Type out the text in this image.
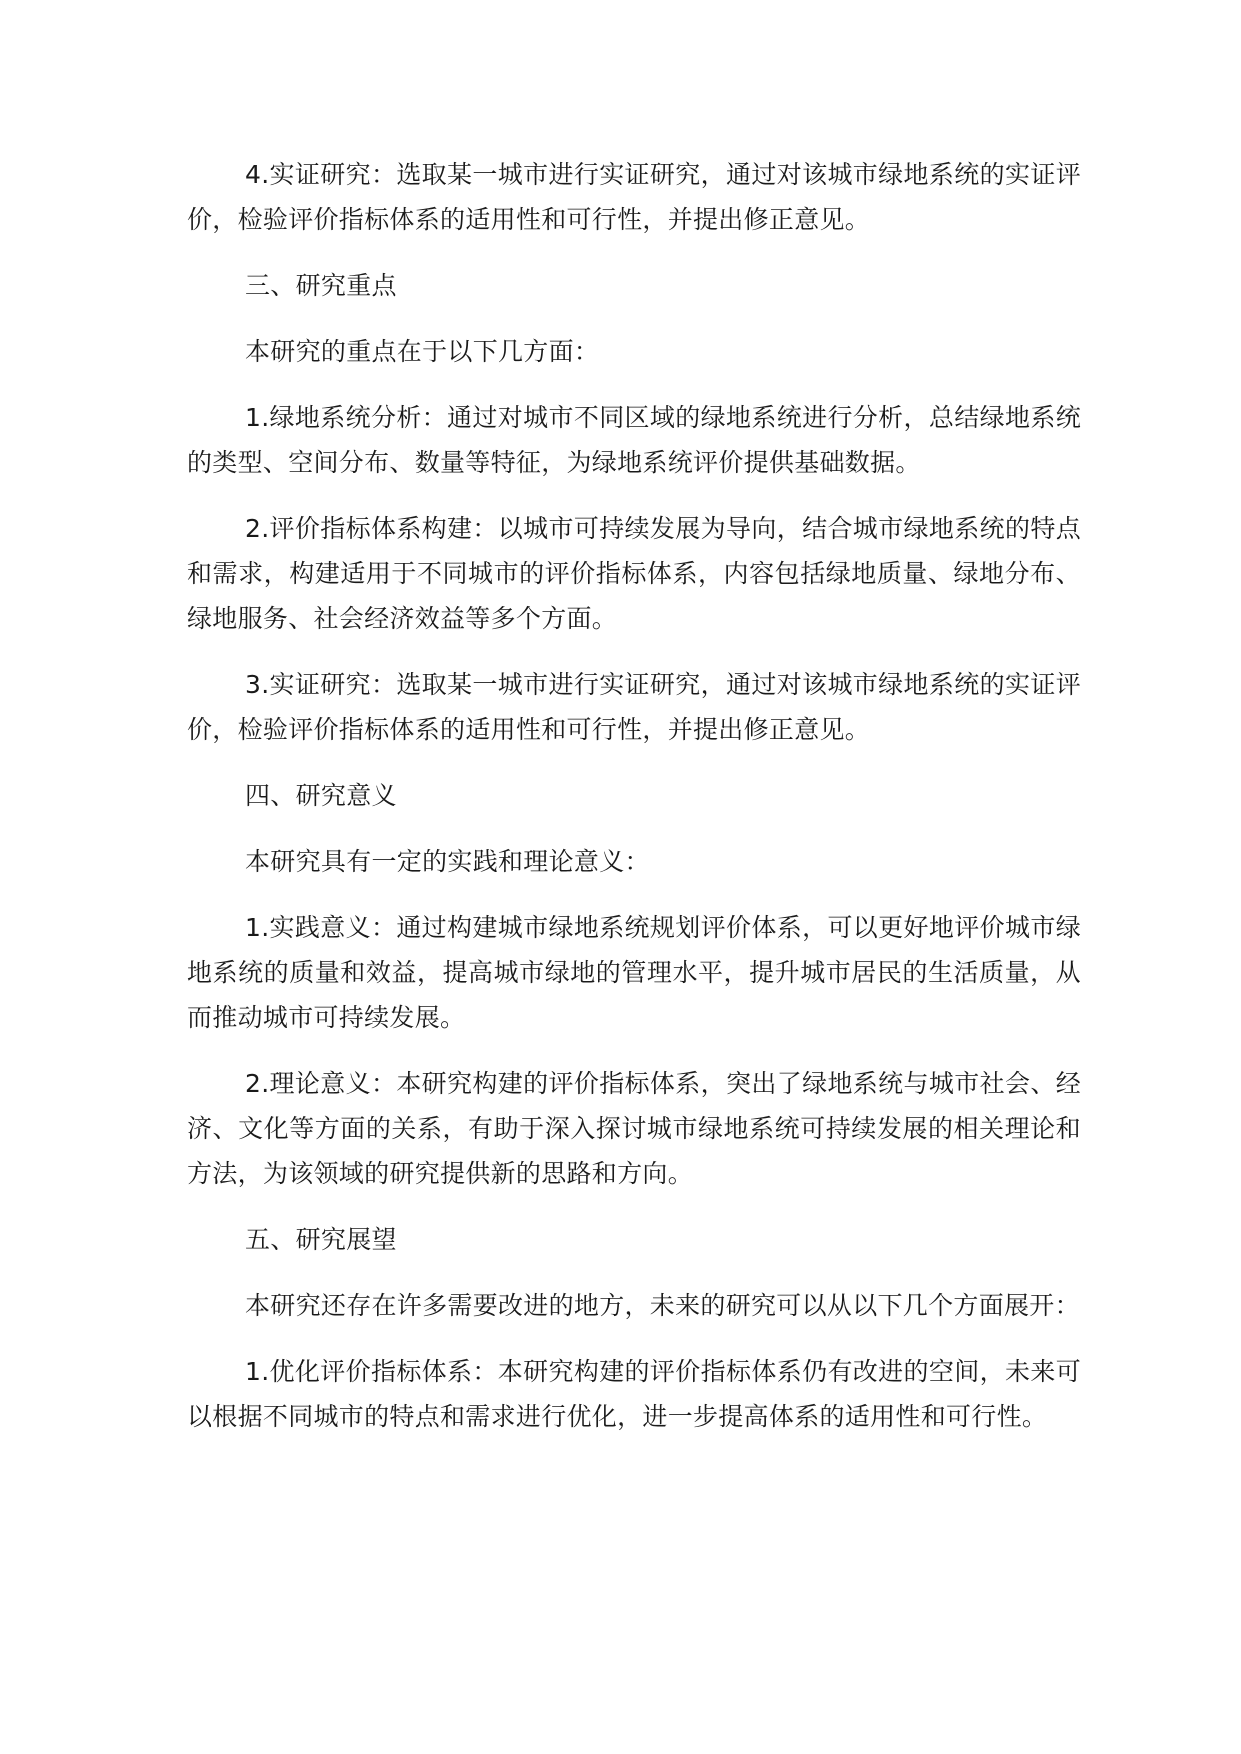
4.实证研究：选取某一城市进行实证研究，通过对该城市绿地系统的实证评价，检验评价指标体系的适用性和可行性，并提出修正意见。

三、研究重点

本研究的重点在于以下几方面：

1.绿地系统分析：通过对城市不同区域的绿地系统进行分析，总结绿地系统的类型、空间分布、数量等特征，为绿地系统评价提供基础数据。

2.评价指标体系构建：以城市可持续发展为导向，结合城市绿地系统的特点和需求，构建适用于不同城市的评价指标体系，内容包括绿地质量、绿地分布、绿地服务、社会经济效益等多个方面。

3.实证研究：选取某一城市进行实证研究，通过对该城市绿地系统的实证评价，检验评价指标体系的适用性和可行性，并提出修正意见。

四、研究意义

本研究具有一定的实践和理论意义：

1.实践意义：通过构建城市绿地系统规划评价体系，可以更好地评价城市绿地系统的质量和效益，提高城市绿地的管理水平，提升城市居民的生活质量，从而推动城市可持续发展。

2.理论意义：本研究构建的评价指标体系，突出了绿地系统与城市社会、经济、文化等方面的关系，有助于深入探讨城市绿地系统可持续发展的相关理论和方法，为该领域的研究提供新的思路和方向。

五、研究展望

本研究还存在许多需要改进的地方，未来的研究可以从以下几个方面展开：

1.优化评价指标体系：本研究构建的评价指标体系仍有改进的空间，未来可以根据不同城市的特点和需求进行优化，进一步提高体系的适用性和可行性。
